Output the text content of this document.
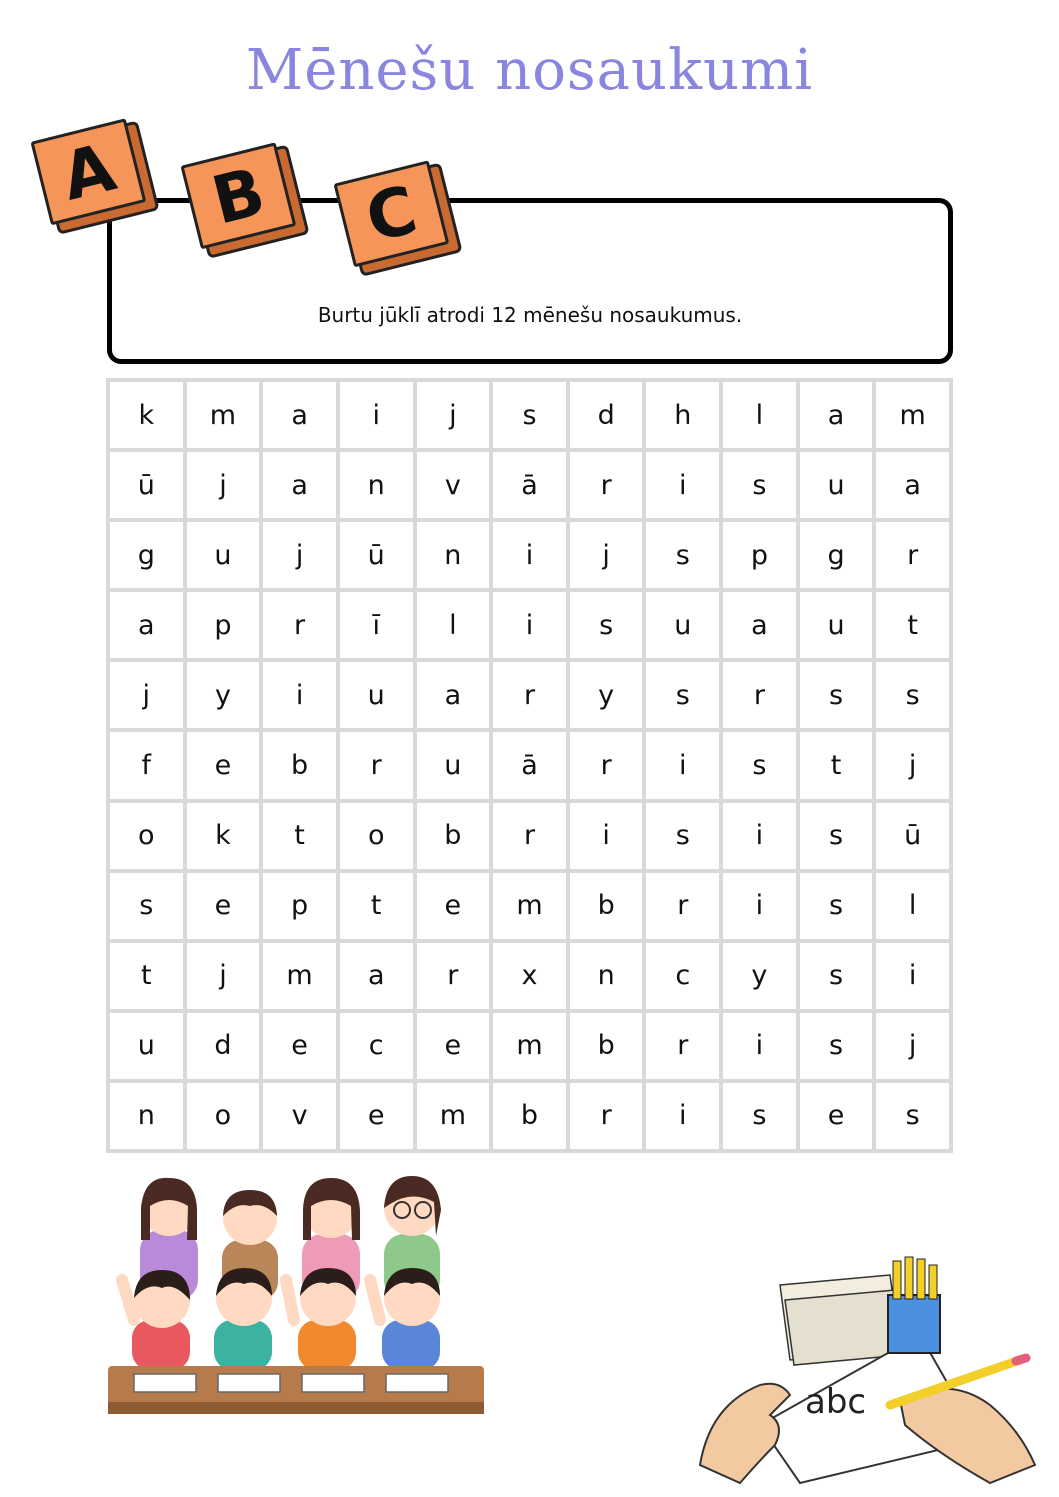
Mēnešu nosaukumi
Burtu jūklī atrodi 12 mēnešu nosaukumus.
A	B	C
k	m	a	i	j	s	d	h	l	a	m
ū	j	a	n	v	ā	r	i	s	u	a
g	u	j	ū	n	i	j	s	p	g	r
a	p	r	ī	l	i	s	u	a	u	t
j	y	i	u	a	r	y	s	r	s	s
f	e	b	r	u	ā	r	i	s	t	j
o	k	t	o	b	r	i	s	i	s	ū
s	e	p	t	e	m	b	r	i	s	l
t	j	m	a	r	x	n	c	y	s	i
u	d	e	c	e	m	b	r	i	s	j
n	o	v	e	m	b	r	i	s	e	s
abc
